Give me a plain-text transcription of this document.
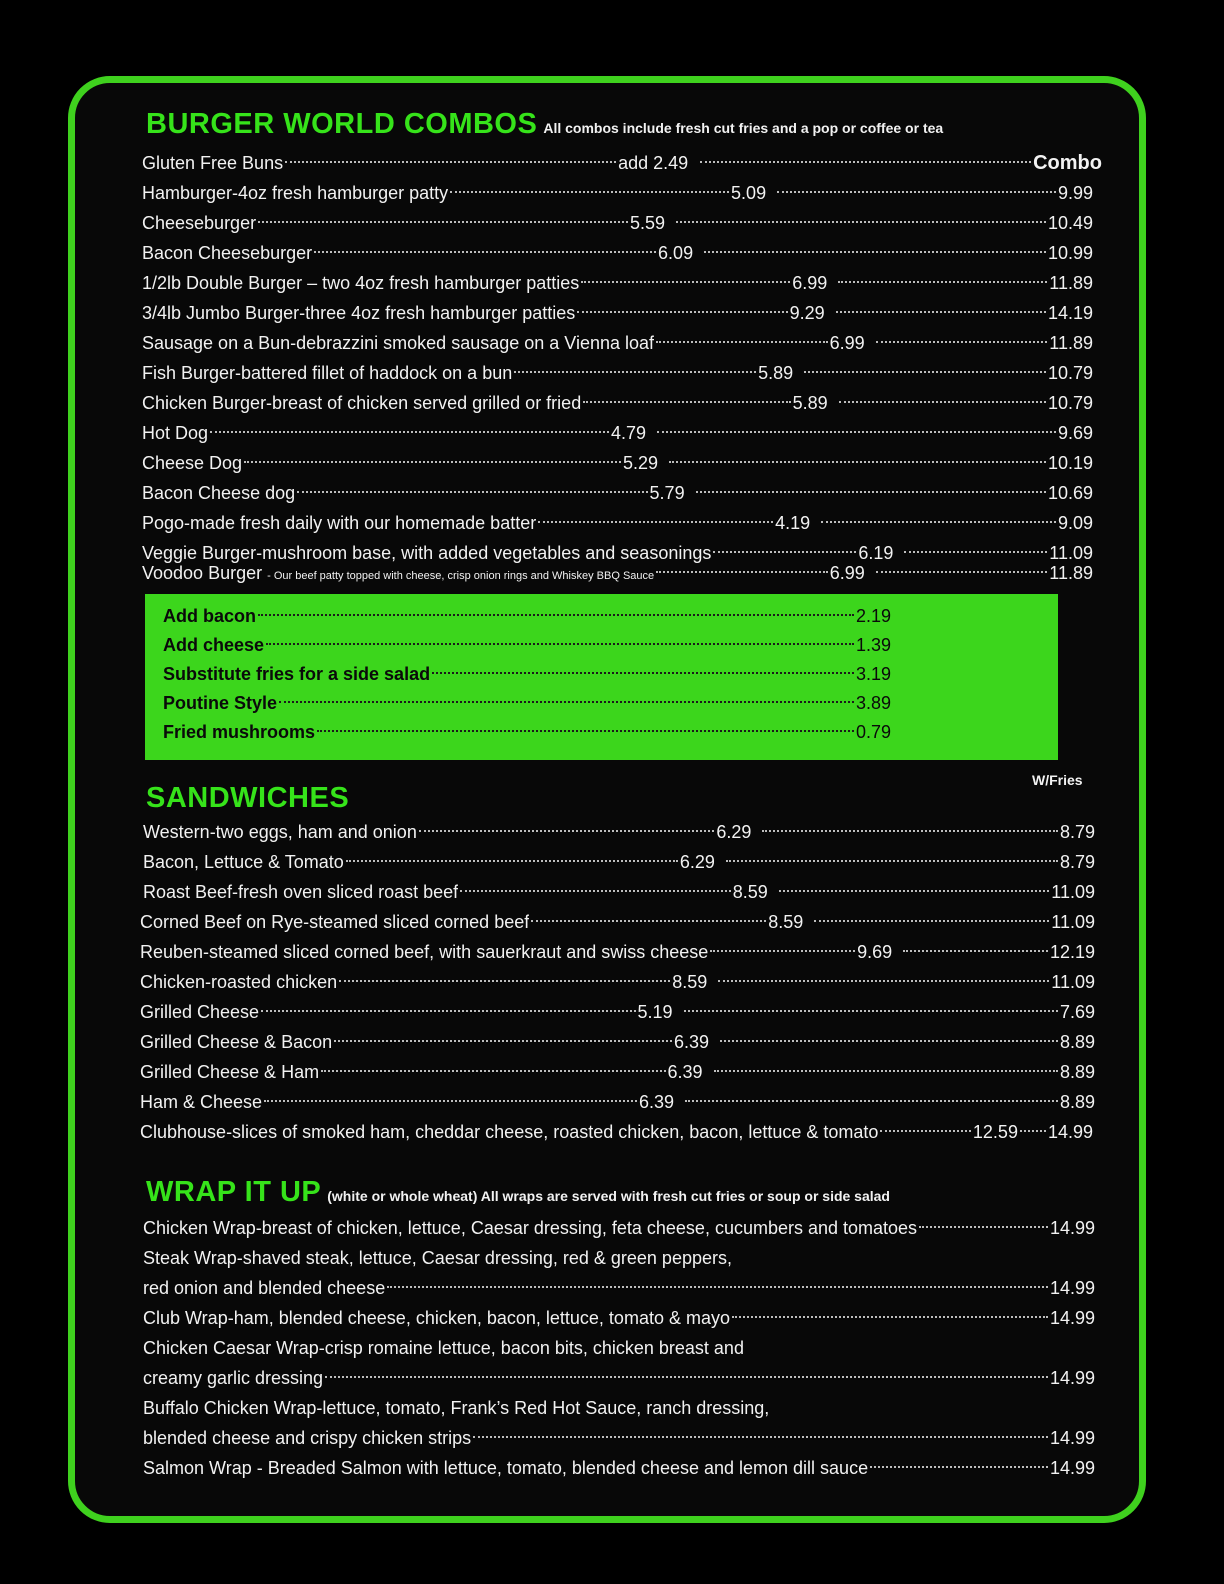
BURGER WORLD COMBOS All combos include fresh cut fries and a pop or coffee or tea
Gluten Free Buns	add 2.49	Combo
Hamburger-4oz fresh hamburger patty	5.09	9.99
Cheeseburger	5.59	10.49
Bacon Cheeseburger	6.09	10.99
1/2lb Double Burger – two 4oz fresh hamburger patties	6.99	11.89
3/4lb Jumbo Burger-three 4oz fresh hamburger patties	9.29	14.19
Sausage on a Bun-debrazzini smoked sausage on a Vienna loaf	6.99	11.89
Fish Burger-battered fillet of haddock on a bun	5.89	10.79
Chicken Burger-breast of chicken served grilled or fried	5.89	10.79
Hot Dog	4.79	9.69
Cheese Dog	5.29	10.19
Bacon Cheese dog	5.79	10.69
Pogo-made fresh daily with our homemade batter	4.19	9.09
Veggie Burger-mushroom base, with added vegetables and seasonings	6.19	11.09
Voodoo Burger - Our beef patty topped with cheese, crisp onion rings and Whiskey BBQ Sauce	6.99	11.89
Add bacon	2.19
Add cheese	1.39
Substitute fries for a side salad	3.19
Poutine Style	3.89
Fried mushrooms	0.79
SANDWICHES
W/Fries
Western-two eggs, ham and onion	6.29	8.79
Bacon, Lettuce & Tomato	6.29	8.79
Roast Beef-fresh oven sliced roast beef	8.59	11.09
Corned Beef on Rye-steamed sliced corned beef	8.59	11.09
Reuben-steamed sliced corned beef, with sauerkraut and swiss cheese	9.69	12.19
Chicken-roasted chicken	8.59	11.09
Grilled Cheese	5.19	7.69
Grilled Cheese & Bacon	6.39	8.89
Grilled Cheese & Ham	6.39	8.89
Ham & Cheese	6.39	8.89
Clubhouse-slices of smoked ham, cheddar cheese, roasted chicken, bacon, lettuce & tomato	12.59 14.99
WRAP IT UP (white or whole wheat) All wraps are served with fresh cut fries or soup or side salad
Chicken Wrap-breast of chicken, lettuce, Caesar dressing, feta cheese, cucumbers and tomatoes	14.99
Steak Wrap-shaved steak, lettuce, Caesar dressing, red & green peppers,
red onion and blended cheese	14.99
Club Wrap-ham, blended cheese, chicken, bacon, lettuce, tomato & mayo	14.99
Chicken Caesar Wrap-crisp romaine lettuce, bacon bits, chicken breast and
creamy garlic dressing	14.99
Buffalo Chicken Wrap-lettuce, tomato, Frank’s Red Hot Sauce, ranch dressing,
blended cheese and crispy chicken strips	14.99
Salmon Wrap - Breaded Salmon with lettuce, tomato, blended cheese and lemon dill sauce	14.99
